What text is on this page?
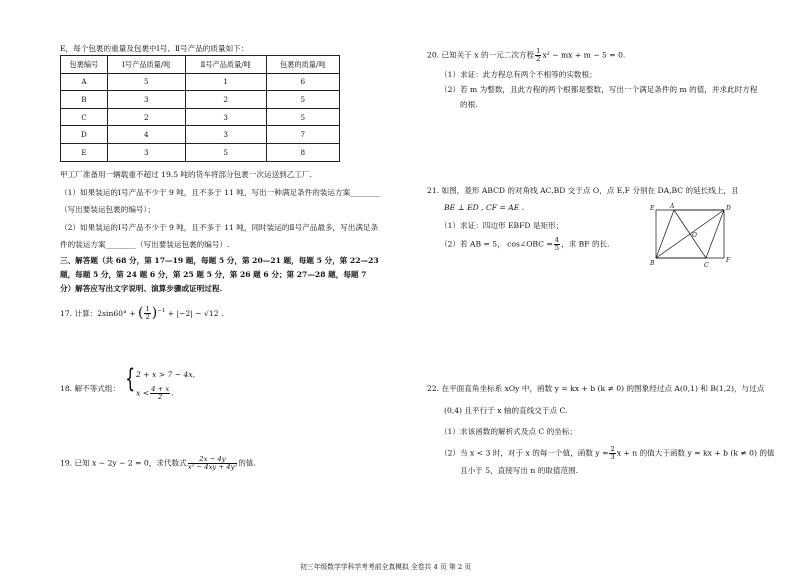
E，每个包裹的重量及包裹中Ⅰ号、Ⅱ号产品的质量如下：
包裹编号	Ⅰ号产品质量/吨	Ⅱ号产品质量/吨	包裹的质量/吨
A	5	1	6
B	3	2	5
C	2	3	5
D	4	3	7
E	3	5	8
甲工厂准备用一辆载重不超过 19.5 吨的货车将部分包裹一次运送到乙工厂.
（1）如果装运的Ⅰ号产品不少于 9 吨，且不多于 11 吨，写出一种满足条件的装运方案________
（写出要装运包裹的编号）；
（2）如果装运的Ⅰ号产品不少于 9 吨，且不多于 11 吨，同时装运的Ⅱ号产品最多，写出满足条
件的装运方案________（写出要装运包裹的编号）.
三、解答题（共 68 分，第 17—19 题，每题 5 分，第 20—21 题，每题 5 分，第 22—23
题，每题 5 分，第 24 题 6 分，第 25 题 5 分，第 26 题 6 分；第 27—28 题，每题 7
分）解答应写出文字说明、演算步骤或证明过程.
17. 计算：2sin60° + ( $\frac{1}{2} )^{-1} + |-2| - √12$ .
18. 解不等式组： { 2 + x > 7 − 4x,
$x < \frac{4 + x}{2}$ .
19. 已知 x − 2y − 2 = 0，求代数式 $\frac{2x - 4y}{\text{x² − 4xy + 4y²}}$ 的值.
20. 已知关于 x 的一元二次方程 $\frac{1}{2} x^2$ − mx + m − 5 = 0.
（1）求证：此方程总有两个不相等的实数根；
（2）若 m 为整数，且此方程的两个根都是整数，写出一个满足条件的 m 的值，并求此时方程
的根.
21. 如图，菱形 ABCD 的对角线 AC,BD 交于点 O，点 E,F 分别在 DA,BC 的延长线上，且
BE ⊥ ED , CF = AE .
（1）求证：四边形 EBFD 是矩形；
（2）若 AB = 5， cos∠OBC = $\frac{4}{5}$ ，求 BF 的长.
E	A	D
O
B	C
F
22. 在平面直角坐标系 xOy 中，函数 y = kx + b (k ≠ 0) 的图象经过点 A(0,1) 和 B(1,2)，与过点
(0,4) 且平行于 x 轴的直线交于点 C.
（1）求该函数的解析式及点 C 的坐标；
（2）当 x < 3 时，对于 x 的每一个值，函数 $y = \frac{2}{3}$ x + n 的值大于函数 y = kx + b (k ≠ 0) 的值
且小于 5，直接写出 n 的取值范围.
初三年级数学学科学考考前全真模拟 全卷共 4 页 第 2 页
